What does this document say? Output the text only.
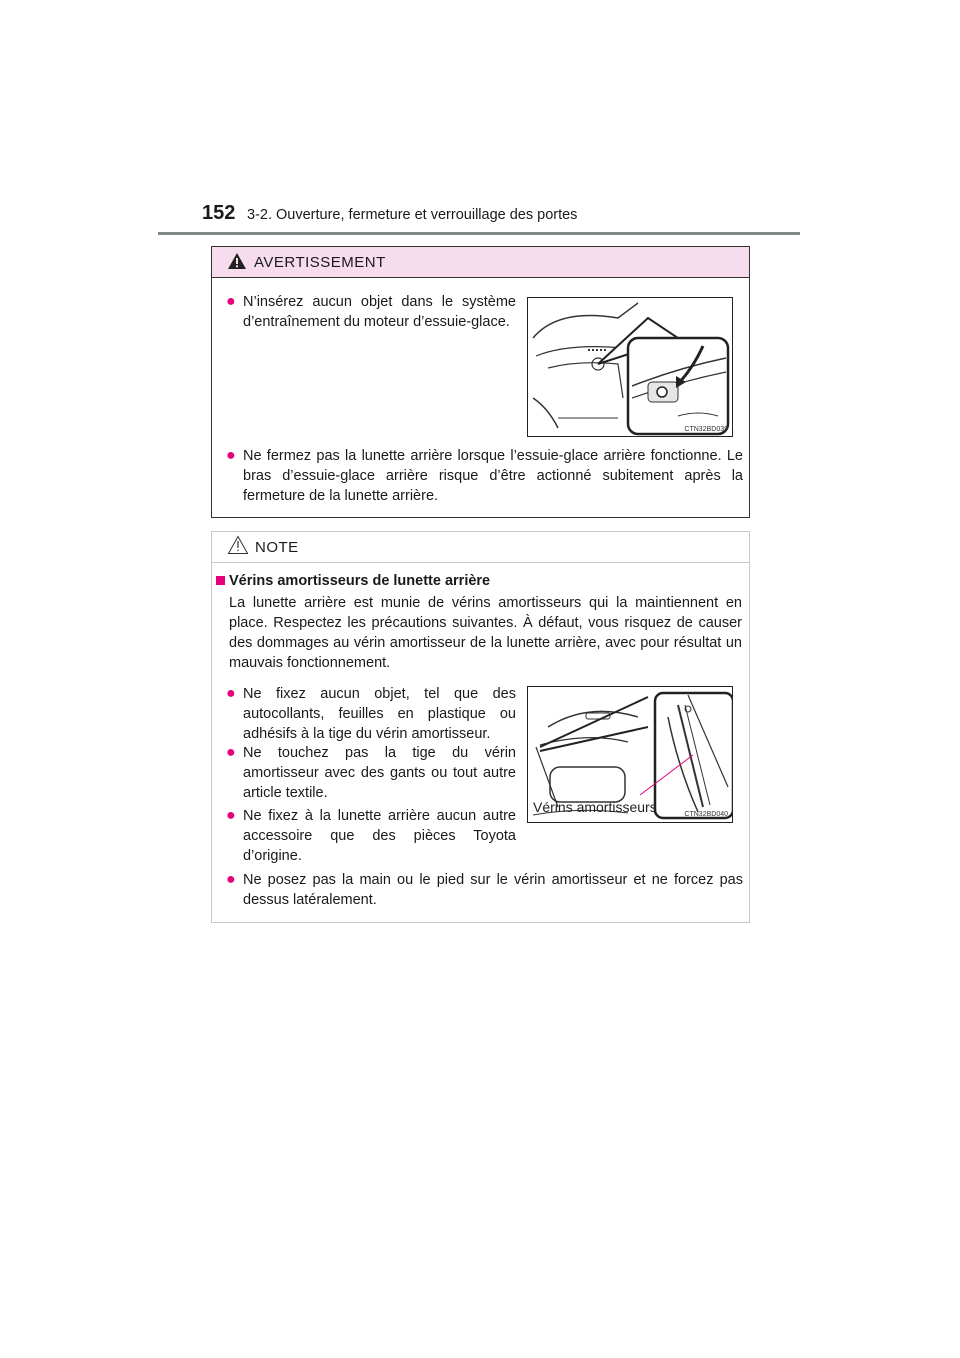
152 3-2. Ouverture, fermeture et verrouillage des portes
AVERTISSEMENT
● N’insérez aucun objet dans le système d’entraînement du moteur d’essuie-glace.
CTN32BD039
● Ne fermez pas la lunette arrière lorsque l’essuie-glace arrière fonctionne. Le bras d’essuie-glace arrière risque d’être actionné subitement après la fermeture de la lunette arrière.
NOTE
Vérins amortisseurs de lunette arrière
La lunette arrière est munie de vérins amortisseurs qui la maintiennent en place. Respectez les précautions suivantes. À défaut, vous risquez de causer des dommages au vérin amortisseur de la lunette arrière, avec pour résultat un mauvais fonctionnement.
● Ne fixez aucun objet, tel que des autocollants, feuilles en plastique ou adhésifs à la tige du vérin amortisseur.
● Ne touchez pas la tige du vérin amortisseur avec des gants ou tout autre article textile.
● Ne fixez à la lunette arrière aucun autre accessoire que des pièces Toyota d’origine.
Vérins amortisseurs	CTN32BD040
● Ne posez pas la main ou le pied sur le vérin amortisseur et ne forcez pas dessus latéralement.
